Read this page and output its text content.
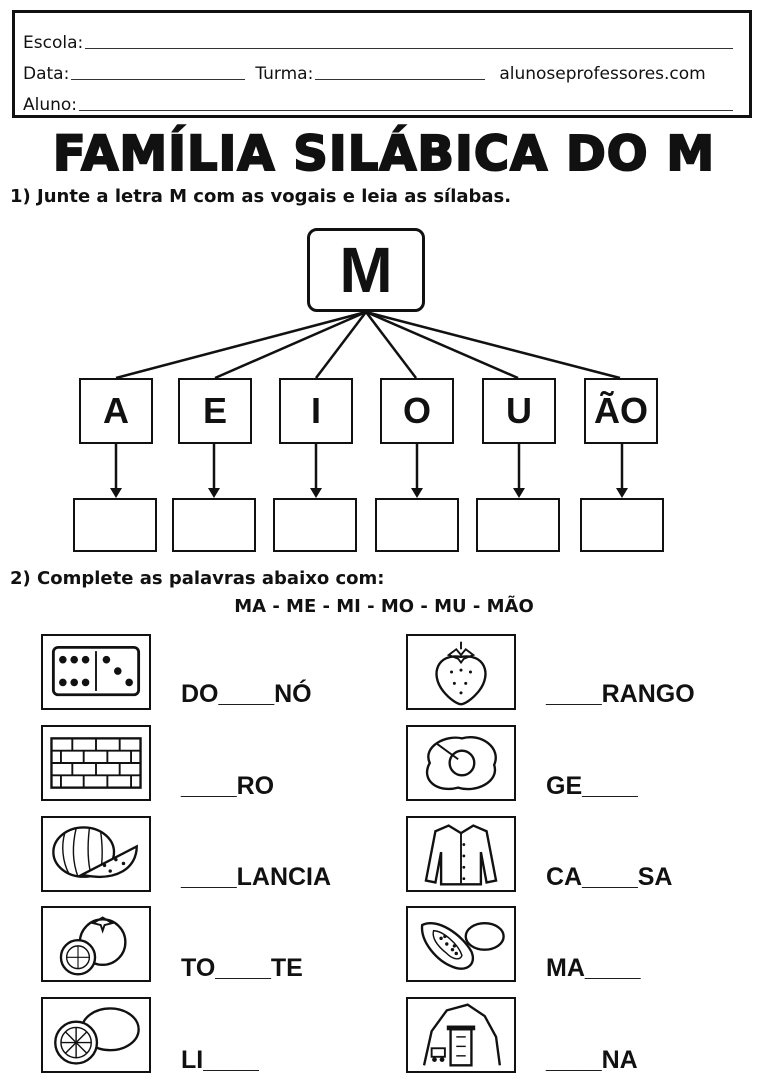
Escola:
Data:	Turma:	alunoseprofessores.com
Aluno:
FAMÍLIA SILÁBICA DO M
1) Junte a letra M com as vogais e leia as sílabas.
M
A	E	I	O	U	ÃO
2) Complete as palavras abaixo com:
MA - ME - MI - MO - MU - MÃO
DO____NÓ	____RANGO
____RO	GE____
____LANCIA	CA____SA
TO____TE	MA____
LI____	____NA
